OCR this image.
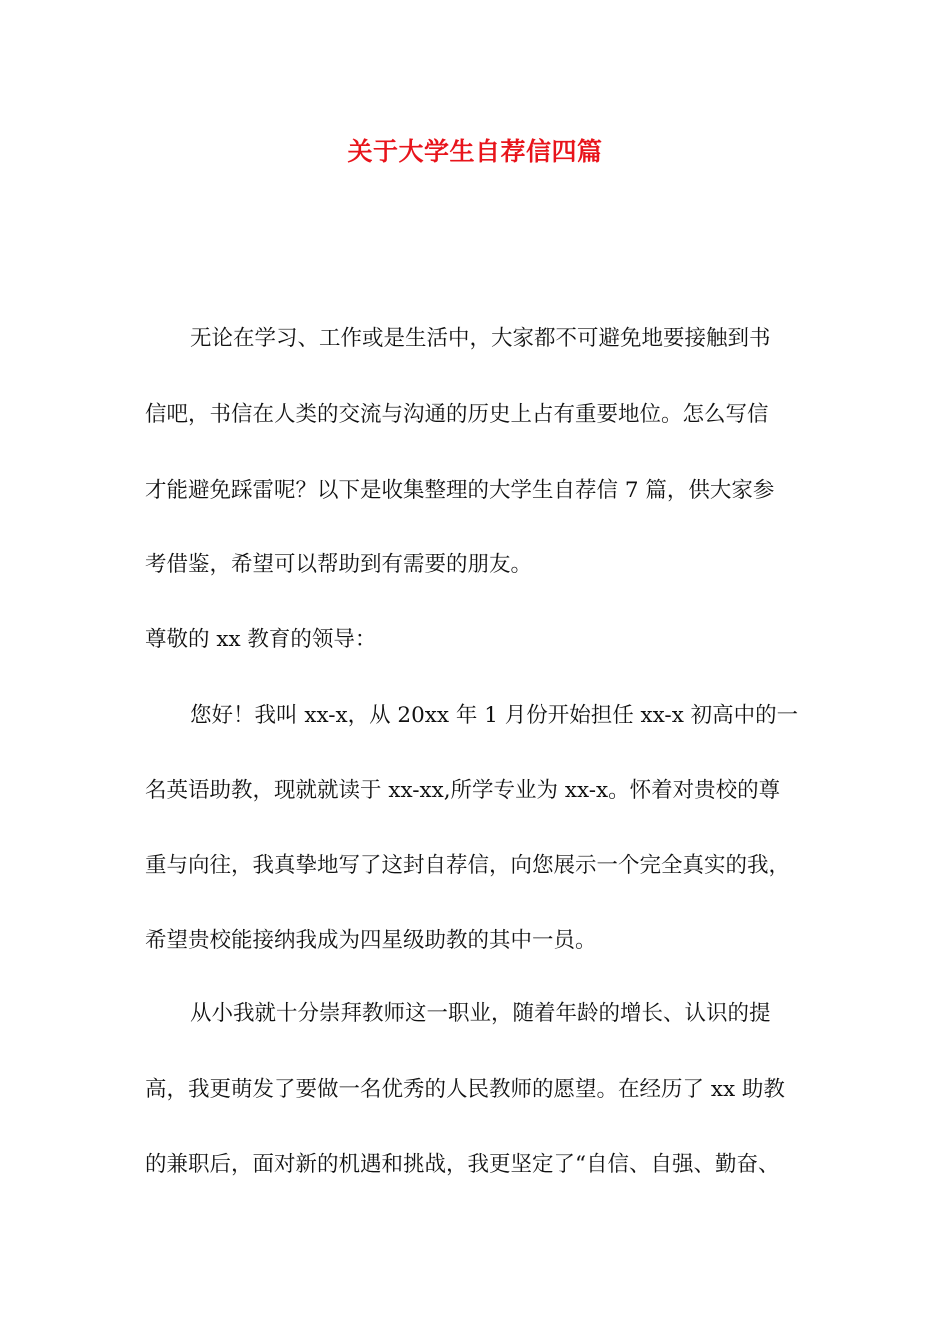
关于大学生自荐信四篇
无论在学习、工作或是生活中，大家都不可避免地要接触到书
信吧，书信在人类的交流与沟通的历史上占有重要地位。怎么写信
才能避免踩雷呢？以下是收集整理的大学生自荐信 7 篇，供大家参
考借鉴，希望可以帮助到有需要的朋友。
尊敬的 xx 教育的领导：
您好！我叫 xx-x，从 20xx 年 1 月份开始担任 xx-x 初高中的一
名英语助教，现就就读于 xx-xx,所学专业为 xx-x。怀着对贵校的尊
重与向往，我真挚地写了这封自荐信，向您展示一个完全真实的我，
希望贵校能接纳我成为四星级助教的其中一员。
从小我就十分崇拜教师这一职业，随着年龄的增长、认识的提
高，我更萌发了要做一名优秀的人民教师的愿望。在经历了 xx 助教
的兼职后，面对新的机遇和挑战，我更坚定了“自信、自强、勤奋、
